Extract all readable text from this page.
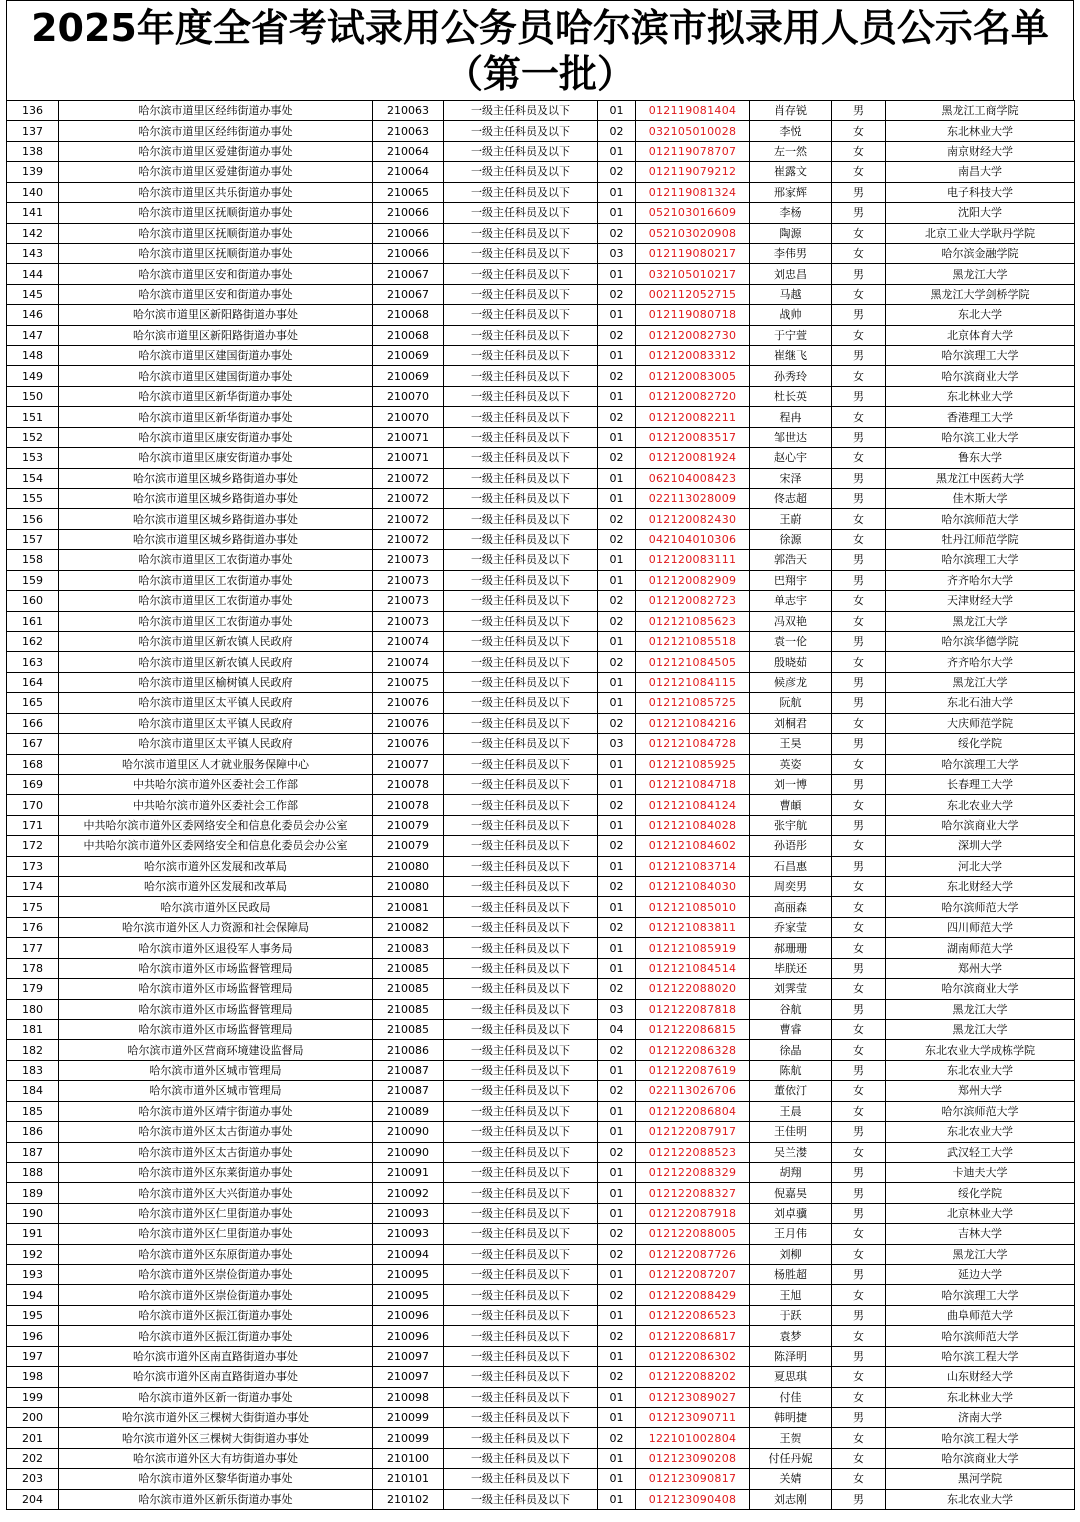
2025年度全省考试录用公务员哈尔滨市拟录用人员公示名单（第一批）
136	哈尔滨市道里区经纬街道办事处	210063	一级主任科员及以下	01	012119081404	肖存锐	男	黑龙江工商学院
137	哈尔滨市道里区经纬街道办事处	210063	一级主任科员及以下	02	032105010028	李悦	女	东北林业大学
138	哈尔滨市道里区爱建街道办事处	210064	一级主任科员及以下	01	012119078707	左一然	女	南京财经大学
139	哈尔滨市道里区爱建街道办事处	210064	一级主任科员及以下	02	012119079212	崔露文	女	南昌大学
140	哈尔滨市道里区共乐街道办事处	210065	一级主任科员及以下	01	012119081324	邢家辉	男	电子科技大学
141	哈尔滨市道里区抚顺街道办事处	210066	一级主任科员及以下	01	052103016609	李杨	男	沈阳大学
142	哈尔滨市道里区抚顺街道办事处	210066	一级主任科员及以下	02	052103020908	陶源	女	北京工业大学耿丹学院
143	哈尔滨市道里区抚顺街道办事处	210066	一级主任科员及以下	03	012119080217	李伟男	女	哈尔滨金融学院
144	哈尔滨市道里区安和街道办事处	210067	一级主任科员及以下	01	032105010217	刘忠昌	男	黑龙江大学
145	哈尔滨市道里区安和街道办事处	210067	一级主任科员及以下	02	002112052715	马越	女	黑龙江大学剑桥学院
146	哈尔滨市道里区新阳路街道办事处	210068	一级主任科员及以下	01	012119080718	战帅	男	东北大学
147	哈尔滨市道里区新阳路街道办事处	210068	一级主任科员及以下	02	012120082730	于宁萱	女	北京体育大学
148	哈尔滨市道里区建国街道办事处	210069	一级主任科员及以下	01	012120083312	崔继飞	男	哈尔滨理工大学
149	哈尔滨市道里区建国街道办事处	210069	一级主任科员及以下	02	012120083005	孙秀玲	女	哈尔滨商业大学
150	哈尔滨市道里区新华街道办事处	210070	一级主任科员及以下	01	012120082720	杜长英	男	东北林业大学
151	哈尔滨市道里区新华街道办事处	210070	一级主任科员及以下	02	012120082211	程冉	女	香港理工大学
152	哈尔滨市道里区康安街道办事处	210071	一级主任科员及以下	01	012120083517	邹世达	男	哈尔滨工业大学
153	哈尔滨市道里区康安街道办事处	210071	一级主任科员及以下	02	012120081924	赵心宇	女	鲁东大学
154	哈尔滨市道里区城乡路街道办事处	210072	一级主任科员及以下	01	062104008423	宋泽	男	黑龙江中医药大学
155	哈尔滨市道里区城乡路街道办事处	210072	一级主任科员及以下	01	022113028009	佟志超	男	佳木斯大学
156	哈尔滨市道里区城乡路街道办事处	210072	一级主任科员及以下	02	012120082430	王蔚	女	哈尔滨师范大学
157	哈尔滨市道里区城乡路街道办事处	210072	一级主任科员及以下	02	042104010306	徐源	女	牡丹江师范学院
158	哈尔滨市道里区工农街道办事处	210073	一级主任科员及以下	01	012120083111	郭浩天	男	哈尔滨理工大学
159	哈尔滨市道里区工农街道办事处	210073	一级主任科员及以下	01	012120082909	巴翔宇	男	齐齐哈尔大学
160	哈尔滨市道里区工农街道办事处	210073	一级主任科员及以下	02	012120082723	单志宇	女	天津财经大学
161	哈尔滨市道里区工农街道办事处	210073	一级主任科员及以下	02	012121085623	冯双艳	女	黑龙江大学
162	哈尔滨市道里区新农镇人民政府	210074	一级主任科员及以下	01	012121085518	袁一伦	男	哈尔滨华德学院
163	哈尔滨市道里区新农镇人民政府	210074	一级主任科员及以下	02	012121084505	殷晓茹	女	齐齐哈尔大学
164	哈尔滨市道里区榆树镇人民政府	210075	一级主任科员及以下	01	012121084115	候彦龙	男	黑龙江大学
165	哈尔滨市道里区太平镇人民政府	210076	一级主任科员及以下	01	012121085725	阮航	男	东北石油大学
166	哈尔滨市道里区太平镇人民政府	210076	一级主任科员及以下	02	012121084216	刘桐君	女	大庆师范学院
167	哈尔滨市道里区太平镇人民政府	210076	一级主任科员及以下	03	012121084728	王昊	男	绥化学院
168	哈尔滨市道里区人才就业服务保障中心	210077	一级主任科员及以下	01	012121085925	英姿	女	哈尔滨理工大学
169	中共哈尔滨市道外区委社会工作部	210078	一级主任科员及以下	01	012121084718	刘一博	男	长春理工大学
170	中共哈尔滨市道外区委社会工作部	210078	一级主任科员及以下	02	012121084124	曹頔	女	东北农业大学
171	中共哈尔滨市道外区委网络安全和信息化委员会办公室	210079	一级主任科员及以下	01	012121084028	张宇航	男	哈尔滨商业大学
172	中共哈尔滨市道外区委网络安全和信息化委员会办公室	210079	一级主任科员及以下	02	012121084602	孙语彤	女	深圳大学
173	哈尔滨市道外区发展和改革局	210080	一级主任科员及以下	01	012121083714	石昌惠	男	河北大学
174	哈尔滨市道外区发展和改革局	210080	一级主任科员及以下	02	012121084030	周奕男	女	东北财经大学
175	哈尔滨市道外区民政局	210081	一级主任科员及以下	01	012121085010	高丽森	女	哈尔滨师范大学
176	哈尔滨市道外区人力资源和社会保障局	210082	一级主任科员及以下	02	012121083811	乔家莹	女	四川师范大学
177	哈尔滨市道外区退役军人事务局	210083	一级主任科员及以下	01	012121085919	郝珊珊	女	湖南师范大学
178	哈尔滨市道外区市场监督管理局	210085	一级主任科员及以下	01	012121084514	毕朕还	男	郑州大学
179	哈尔滨市道外区市场监督管理局	210085	一级主任科员及以下	02	012122088020	刘霁莹	女	哈尔滨商业大学
180	哈尔滨市道外区市场监督管理局	210085	一级主任科员及以下	03	012122087818	谷航	男	黑龙江大学
181	哈尔滨市道外区市场监督管理局	210085	一级主任科员及以下	04	012122086815	曹睿	女	黑龙江大学
182	哈尔滨市道外区营商环境建设监督局	210086	一级主任科员及以下	02	012122086328	徐晶	女	东北农业大学成栋学院
183	哈尔滨市道外区城市管理局	210087	一级主任科员及以下	01	012122087619	陈航	男	东北农业大学
184	哈尔滨市道外区城市管理局	210087	一级主任科员及以下	02	022113026706	董依汀	女	郑州大学
185	哈尔滨市道外区靖宇街道办事处	210089	一级主任科员及以下	01	012122086804	王晨	女	哈尔滨师范大学
186	哈尔滨市道外区太古街道办事处	210090	一级主任科员及以下	01	012122087917	王佳明	男	东北农业大学
187	哈尔滨市道外区太古街道办事处	210090	一级主任科员及以下	02	012122088523	吴兰漤	女	武汉轻工大学
188	哈尔滨市道外区东莱街道办事处	210091	一级主任科员及以下	01	012122088329	胡翔	男	卡迪夫大学
189	哈尔滨市道外区大兴街道办事处	210092	一级主任科员及以下	01	012122088327	倪嘉昊	男	绥化学院
190	哈尔滨市道外区仁里街道办事处	210093	一级主任科员及以下	01	012122087918	刘卓骥	男	北京林业大学
191	哈尔滨市道外区仁里街道办事处	210093	一级主任科员及以下	02	012122088005	王月伟	女	吉林大学
192	哈尔滨市道外区东原街道办事处	210094	一级主任科员及以下	02	012122087726	刘柳	女	黑龙江大学
193	哈尔滨市道外区崇俭街道办事处	210095	一级主任科员及以下	01	012122087207	杨胜超	男	延边大学
194	哈尔滨市道外区崇俭街道办事处	210095	一级主任科员及以下	02	012122088429	王旭	女	哈尔滨理工大学
195	哈尔滨市道外区振江街道办事处	210096	一级主任科员及以下	01	012122086523	于跃	男	曲阜师范大学
196	哈尔滨市道外区振江街道办事处	210096	一级主任科员及以下	02	012122086817	袁梦	女	哈尔滨师范大学
197	哈尔滨市道外区南直路街道办事处	210097	一级主任科员及以下	01	012122086302	陈泽明	男	哈尔滨工程大学
198	哈尔滨市道外区南直路街道办事处	210097	一级主任科员及以下	02	012122088202	夏思琪	女	山东财经大学
199	哈尔滨市道外区新一街道办事处	210098	一级主任科员及以下	01	012123089027	付佳	女	东北林业大学
200	哈尔滨市道外区三棵树大街街道办事处	210099	一级主任科员及以下	01	012123090711	韩明捷	男	济南大学
201	哈尔滨市道外区三棵树大街街道办事处	210099	一级主任科员及以下	02	122101002804	王贺	女	哈尔滨工程大学
202	哈尔滨市道外区大有坊街道办事处	210100	一级主任科员及以下	01	012123090208	付任丹妮	女	哈尔滨商业大学
203	哈尔滨市道外区黎华街道办事处	210101	一级主任科员及以下	01	012123090817	关婧	女	黑河学院
204	哈尔滨市道外区新乐街道办事处	210102	一级主任科员及以下	01	012123090408	刘志刚	男	东北农业大学
